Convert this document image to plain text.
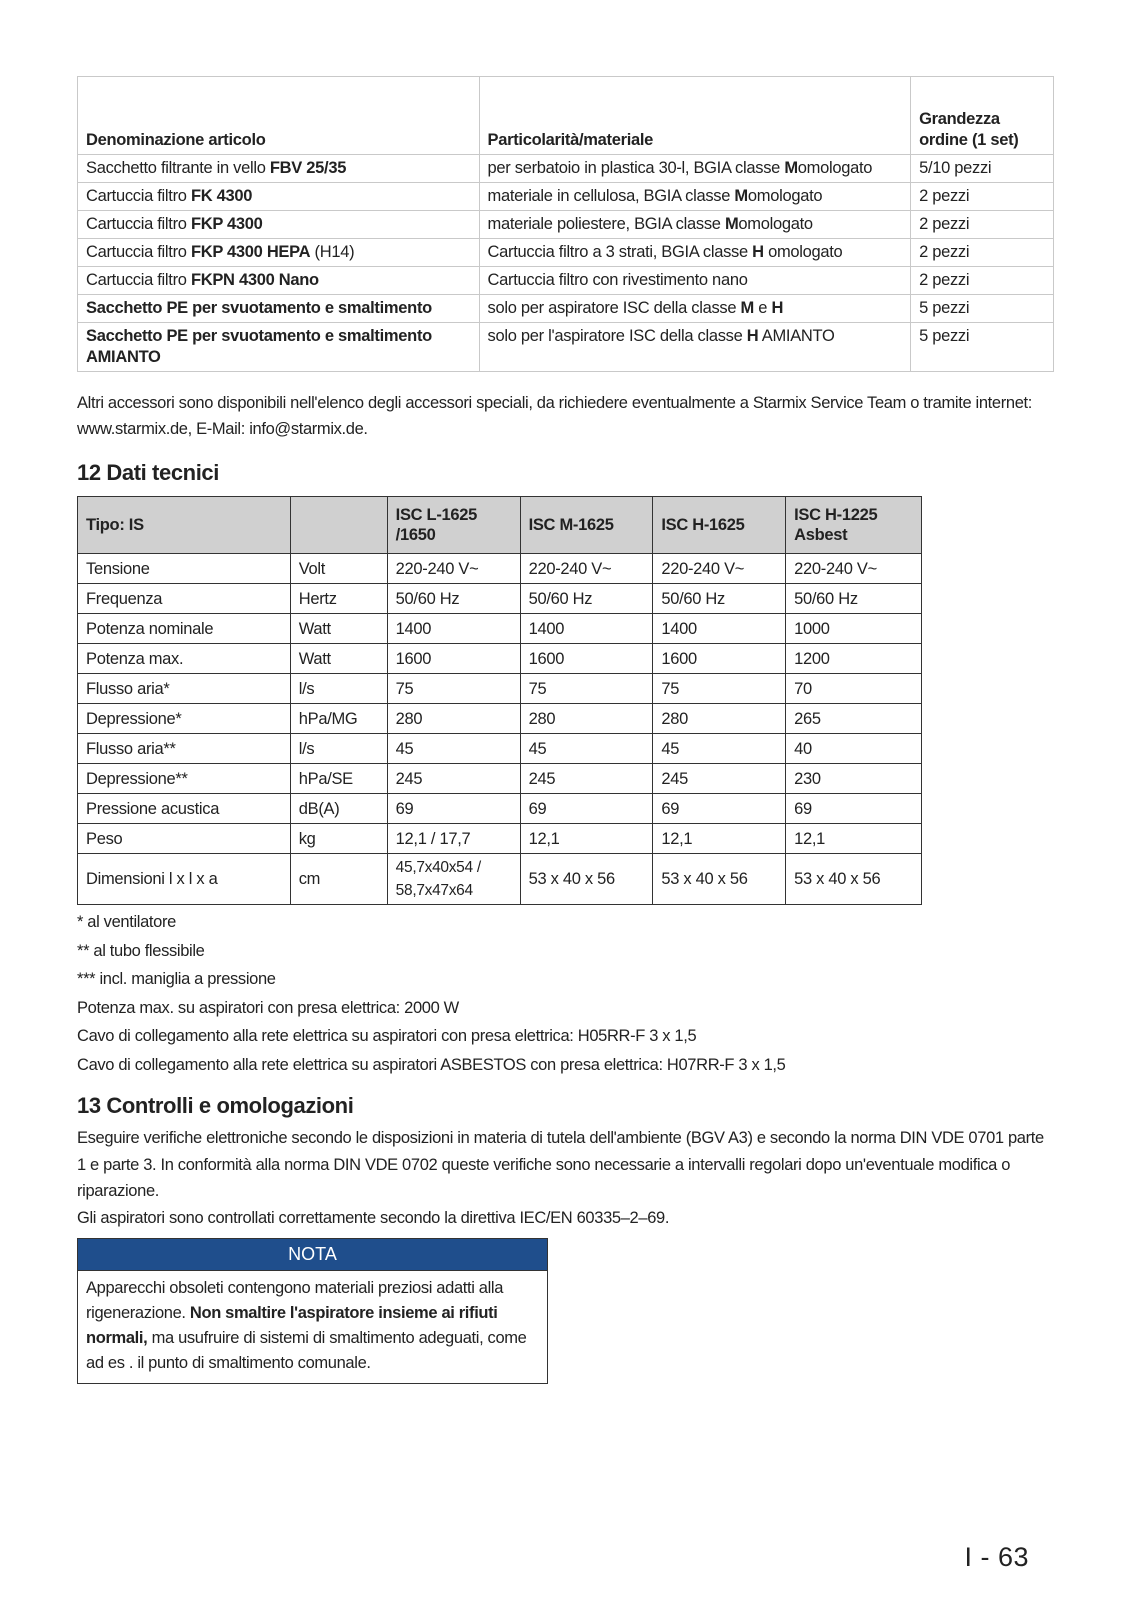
Denominazione articolo	Particolarità/materiale	Grandezza ordine (1 set)
Sacchetto filtrante in vello FBV 25/35	per serbatoio in plastica 30-l, BGIA classe Momologato	5/10 pezzi
Cartuccia filtro FK 4300	materiale in cellulosa, BGIA classe Momologato	2 pezzi
Cartuccia filtro FKP 4300	materiale poliestere, BGIA classe Momologato	2 pezzi
Cartuccia filtro FKP 4300 HEPA (H14)	Cartuccia filtro a 3 strati, BGIA classe H omologato	2 pezzi
Cartuccia filtro FKPN 4300 Nano	Cartuccia filtro con rivestimento nano	2 pezzi
Sacchetto PE per svuotamento e smaltimento	solo per aspiratore ISC della classe M e H	5 pezzi
Sacchetto PE per svuotamento e smaltimento AMIANTO	solo per l'aspiratore ISC della classe H AMIANTO	5 pezzi

Altri accessori sono disponibili nell'elenco degli accessori speciali, da richiedere eventualmente a Starmix Service Team o tramite internet: www.starmix.de, E-Mail: info@starmix.de.

12 Dati tecnici
Tipo: IS		ISC L-1625 /1650	ISC M-1625	ISC H-1625	ISC H-1225 Asbest
Tensione	Volt	220-240 V~	220-240 V~	220-240 V~	220-240 V~
Frequenza	Hertz	50/60 Hz	50/60 Hz	50/60 Hz	50/60 Hz
Potenza nominale	Watt	1400	1400	1400	1000
Potenza max.	Watt	1600	1600	1600	1200
Flusso aria*	l/s	75	75	75	70
Depressione*	hPa/MG	280	280	280	265
Flusso aria**	l/s	45	45	45	40
Depressione**	hPa/SE	245	245	245	230
Pressione acustica	dB(A)	69	69	69	69
Peso	kg	12,1 / 17,7	12,1	12,1	12,1
Dimensioni l x l x a	cm	45,7x40x54 / 58,7x47x64	53 x 40 x 56	53 x 40 x 56	53 x 40 x 56
* al ventilatore
** al tubo flessibile
*** incl. maniglia a pressione
Potenza max. su aspiratori con presa elettrica: 2000 W
Cavo di collegamento alla rete elettrica su aspiratori con presa elettrica: H05RR-F 3 x 1,5
Cavo di collegamento alla rete elettrica su aspiratori ASBESTOS con presa elettrica: H07RR-F 3 x 1,5
13 Controlli e omologazioni

Eseguire verifiche elettroniche secondo le disposizioni in materia di tutela dell'ambiente (BGV A3) e secondo la norma DIN VDE 0701 parte 1 e parte 3. In conformità alla norma DIN VDE 0702 queste verifiche sono necessarie a intervalli regolari dopo un'eventuale modifica o riparazione.

Gli aspiratori sono controllati correttamente secondo la direttiva IEC/EN 60335–2–69.

NOTA
Apparecchi obsoleti contengono materiali preziosi adatti alla rigenerazione. Non smaltire l'aspiratore insieme ai rifiuti normali, ma usufruire di sistemi di smaltimento adeguati, come ad es . il punto di smaltimento comunale.
I - 63
